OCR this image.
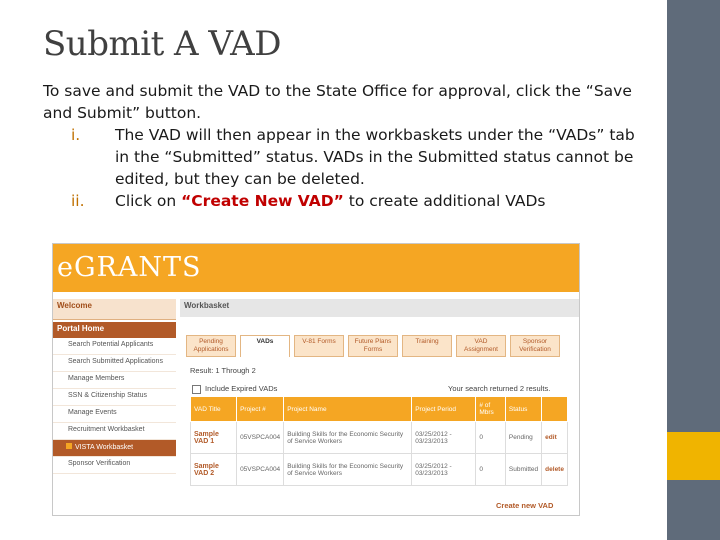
Submit A VAD
To save and submit the VAD to the State Office for approval, click the “Save
and Submit” button.
i. The VAD will then appear in the workbaskets under the “VADs” tab
in the “Submitted” status. VADs in the Submitted status cannot be
edited, but they can be deleted.
ii. Click on “Create New VAD” to create additional VADs
eGRANTS
Welcome
Portal Home
Search Potential Applicants
Search Submitted Applications
Manage Members
SSN & Citizenship Status
Manage Events
Recruitment Workbasket
VISTA Workbasket
Sponsor Verification
Workbasket
Pending Applications
VADs	V-81 Forms	Future Plans Forms
Training	VAD Assignment
Sponsor Verification
Result: 1 Through 2
Include Expired VADs	Your search returned 2 results.
VAD Title	Project #	Project Name	Project Period	# of Mbrs	Status	
Sample VAD 1	05VSPCA004	Building Skills for the Economic Security of Service Workers	03/25/2012 - 03/23/2013	0	Pending	edit
Sample VAD 2	05VSPCA004	Building Skills for the Economic Security of Service Workers	03/25/2012 - 03/23/2013	0	Submitted	delete
Create new VAD
